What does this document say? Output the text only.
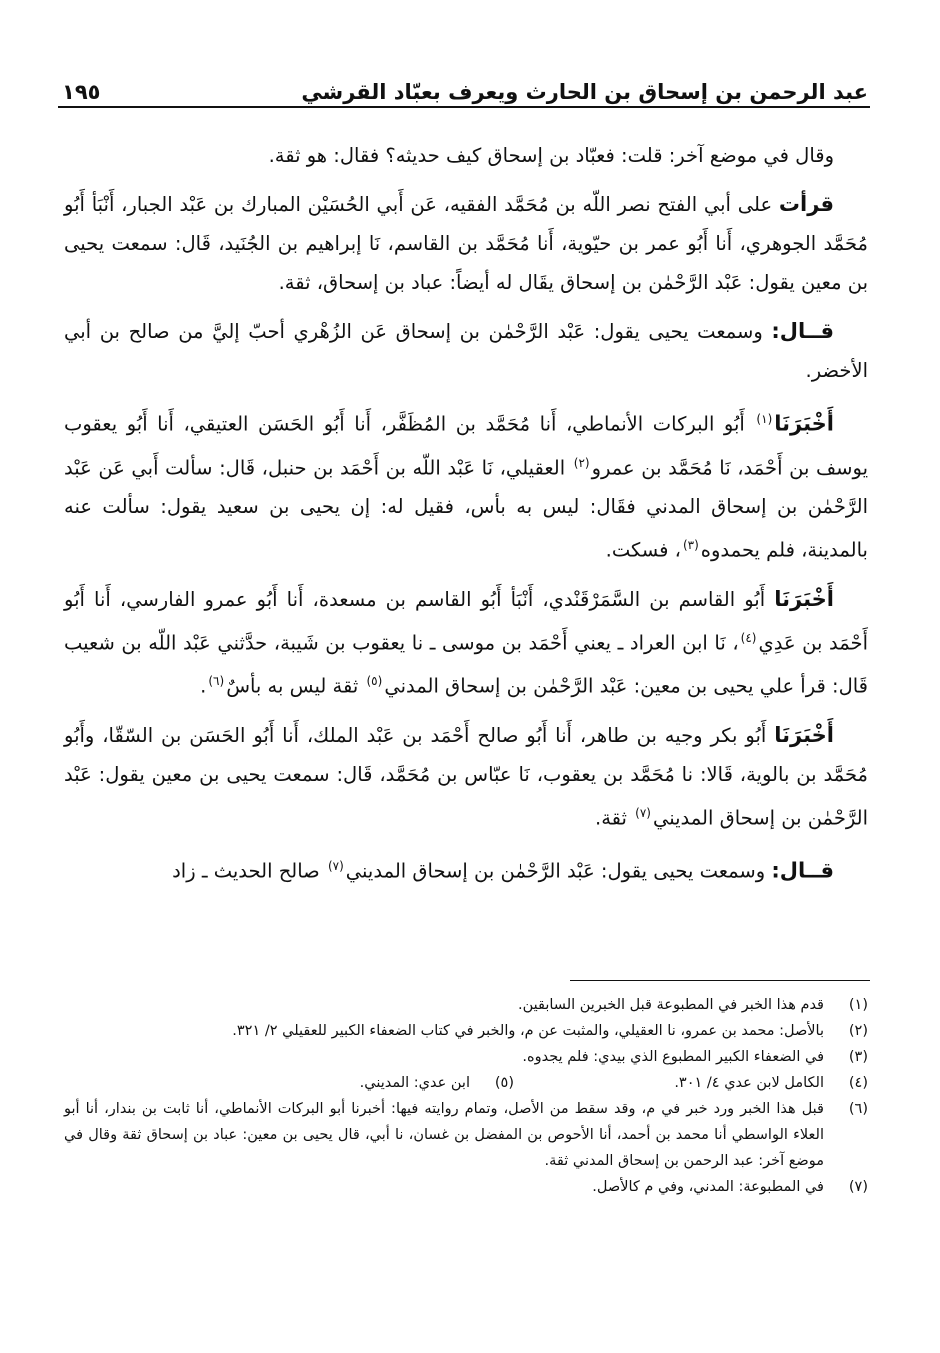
عبد الرحمن بن إسحاق بن الحارث ويعرف بعبّاد القرشي
١٩٥

وقال في موضع آخر: قلت: فعبّاد بن إسحاق كيف حديثه؟ فقال: هو ثقة.

قرأت على أبي الفتح نصر اللّه بن مُحَمَّد الفقيه، عَن أَبي الحُسَيْن المبارك بن عَبْد الجبار، أَنْبَأ أَبُو مُحَمَّد الجوهري، أَنا أَبُو عمر بن حيّوية، أَنا مُحَمَّد بن القاسم، نَا إبراهيم بن الجُنَيد، قَال: سمعت يحيى بن معين يقول: عَبْد الرَّحْمٰن بن إسحاق يقَال له أيضاً: عباد بن إسحاق، ثقة.

قــال: وسمعت يحيى يقول: عَبْد الرَّحْمٰن بن إسحاق عَن الزُهْري أحبّ إليَّ من صالح بن أبي الأخضر.

أَخْبَرَنَا$^{(١)}$ أَبُو البركات الأنماطي، أَنا مُحَمَّد بن المُظَفَّر، أَنا أَبُو الحَسَن العتيقي، أَنا أَبُو يعقوب يوسف بن أَحْمَد، نَا مُحَمَّد بن عمرو$^{(٢)}$ العقيلي، نَا عَبْد اللّه بن أَحْمَد بن حنبل، قَال: سألت أَبي عَن عَبْد الرَّحْمٰن بن إسحاق المدني فقَال: ليس به بأس، فقيل له: إن يحيى بن سعيد يقول: سألت عنه بالمدينة، فلم يحمدوه$^{(٣)}$، فسكت.

أَخْبَرَنَا أَبُو القاسم بن السَّمَرْقَنْدي، أَنْبَأ أَبُو القاسم بن مسعدة، أَنا أَبُو عمرو الفارسي، أَنا أَبُو أَحْمَد بن عَدِي$^{(٤)}$، نَا ابن العراد ـ يعني أَحْمَد بن موسى ـ نا يعقوب بن شَيبة، حدَّثني عَبْد اللّه بن شعيب قَال: قرأ علي يحيى بن معين: عَبْد الرَّحْمٰن بن إسحاق المدني$^{(٥)}$ ثقة ليس به بأسٌ$^{(٦)}$.

أَخْبَرَنَا أَبُو بكر وجيه بن طاهر، أَنا أَبُو صالح أَحْمَد بن عَبْد الملك، أَنا أَبُو الحَسَن بن السّقّا، وأَبُو مُحَمَّد بن بالوية، قَالا: نا مُحَمَّد بن يعقوب، نَا عبّاس بن مُحَمَّد، قَال: سمعت يحيى بن معين يقول: عَبْد الرَّحْمٰن بن إسحاق المديني$^{(٧)}$ ثقة.

قــال: وسمعت يحيى يقول: عَبْد الرَّحْمٰن بن إسحاق المديني$^{(٧)}$ صالح الحديث ـ زاد

(١)
قدم هذا الخبر في المطبوعة قبل الخبرين السابقين.
(٢)
بالأصل: محمد بن عمرو، نا العقيلي، والمثبت عن م، والخبر في كتاب الضعفاء الكبير للعقيلي ٢/ ٣٢١.
(٣)
في الضعفاء الكبير المطبوع الذي بيدي: فلم يجدوه.
(٤)
الكامل لابن عدي ٤/ ٣٠١.
(٥)
ابن عدي: المديني.
(٦)
قبل هذا الخبر ورد خبر في م، وقد سقط من الأصل، وتمام روايته فيها: أخبرنا أبو البركات الأنماطي، أنا ثابت بن بندار، أنا أبو العلاء الواسطي أنا محمد بن أحمد، أنا الأحوص بن المفضل بن غسان، نا أبي، قال يحيى بن معين: عباد بن إسحاق ثقة وقال في موضع آخر: عبد الرحمن بن إسحاق المدني ثقة.
(٧)
في المطبوعة: المدني، وفي م كالأصل.
